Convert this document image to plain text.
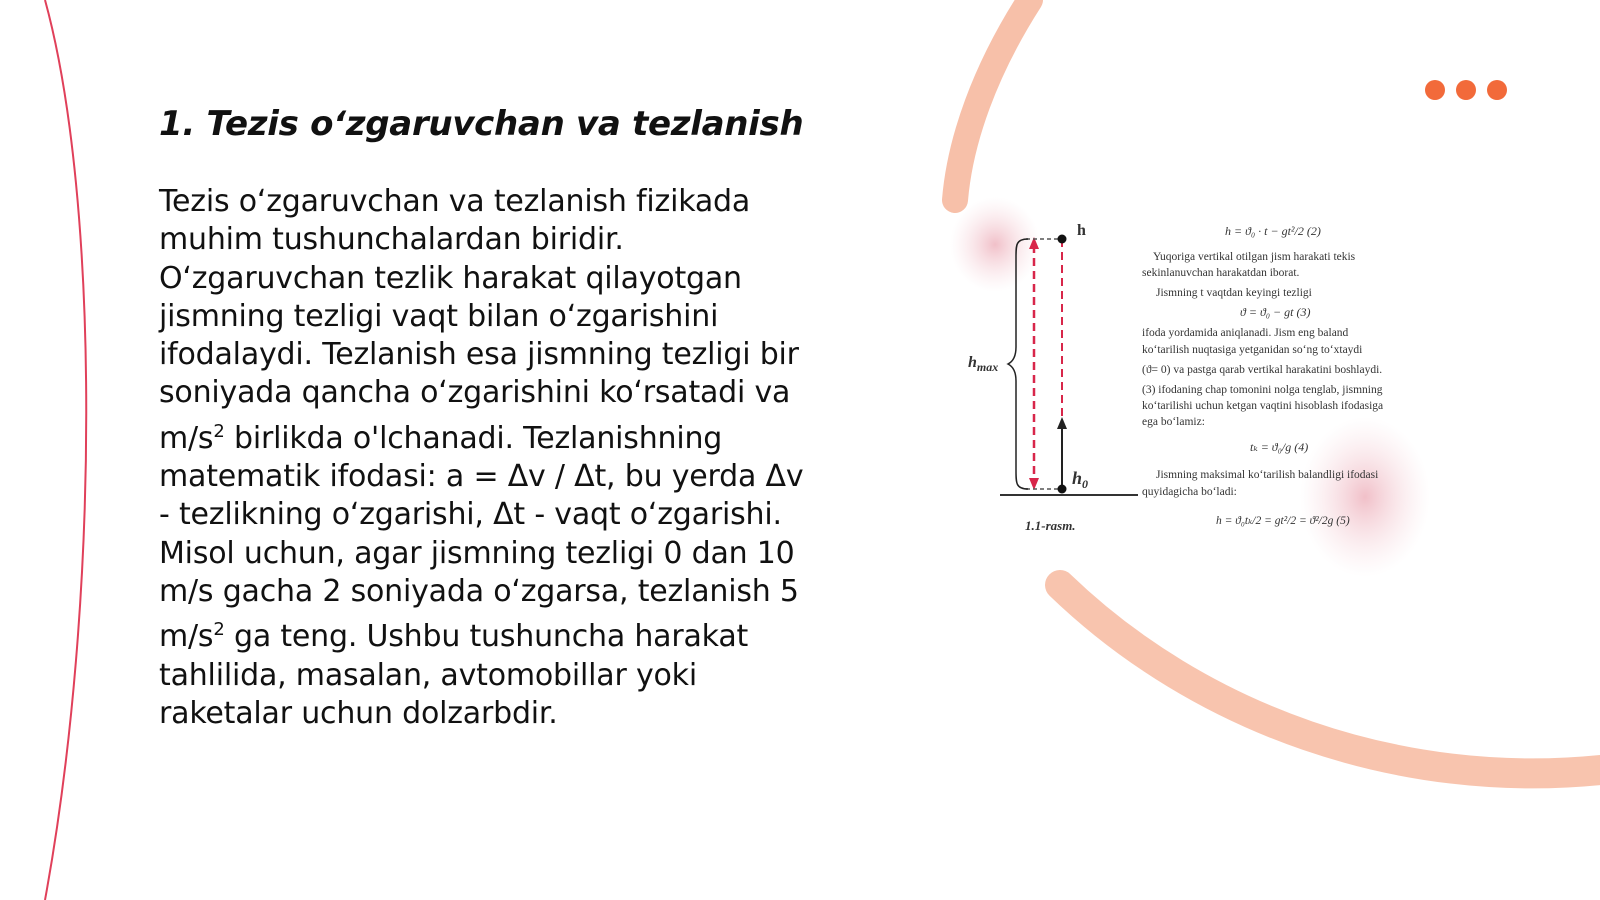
1. Tezis o‘zgaruvchan va tezlanish

Tezis o‘zgaruvchan va tezlanish fizikada muhim tushunchalardan biridir. O‘zgaruvchan tezlik harakat qilayotgan jismning tezligi vaqt bilan o‘zgarishini ifodalaydi. Tezlanish esa jismning tezligi bir soniyada qancha o‘zgarishini ko‘rsatadi va $m/s^2$ birlikda o'lchanadi. Tezlanishning matematik ifodasi: a = Δv / Δt, bu yerda Δv - tezlikning o‘zgarishi, Δt - vaqt o‘zgarishi. Misol uchun, agar jismning tezligi 0 dan 10 m/s gacha 2 soniyada o‘zgarsa, tezlanish 5 $m/s^2$ ga teng. Ushbu tushuncha harakat tahlilida, masalan, avtomobillar yoki raketalar uchun dolzarbdir.

h
$h_{max}$
$h_0$
1.1-rasm.
h = ϑ₀ · t − gt²/2 (2)
Yuqoriga vertikal otilgan jism harakati tekis
sekinlanuvchan harakatdan iborat.
Jismning t vaqtdan keyingi tezligi
ϑ = ϑ₀ − gt (3)
ifoda yordamida aniqlanadi. Jism eng baland
ko‘tarilish nuqtasiga yetganidan so‘ng to‘xtaydi
(ϑ= 0) va pastga qarab vertikal harakatini boshlaydi.
(3) ifodaning chap tomonini nolga tenglab, jismning
ko‘tarilishi uchun ketgan vaqtini hisoblash ifodasiga
ega bo‘lamiz:
tₖ = ϑ₀/g (4)
Jismning maksimal ko‘tarilish balandligi ifodasi
quyidagicha bo‘ladi:
h = ϑ₀tₖ/2 = gt²/2 = ϑ²/2g (5)
